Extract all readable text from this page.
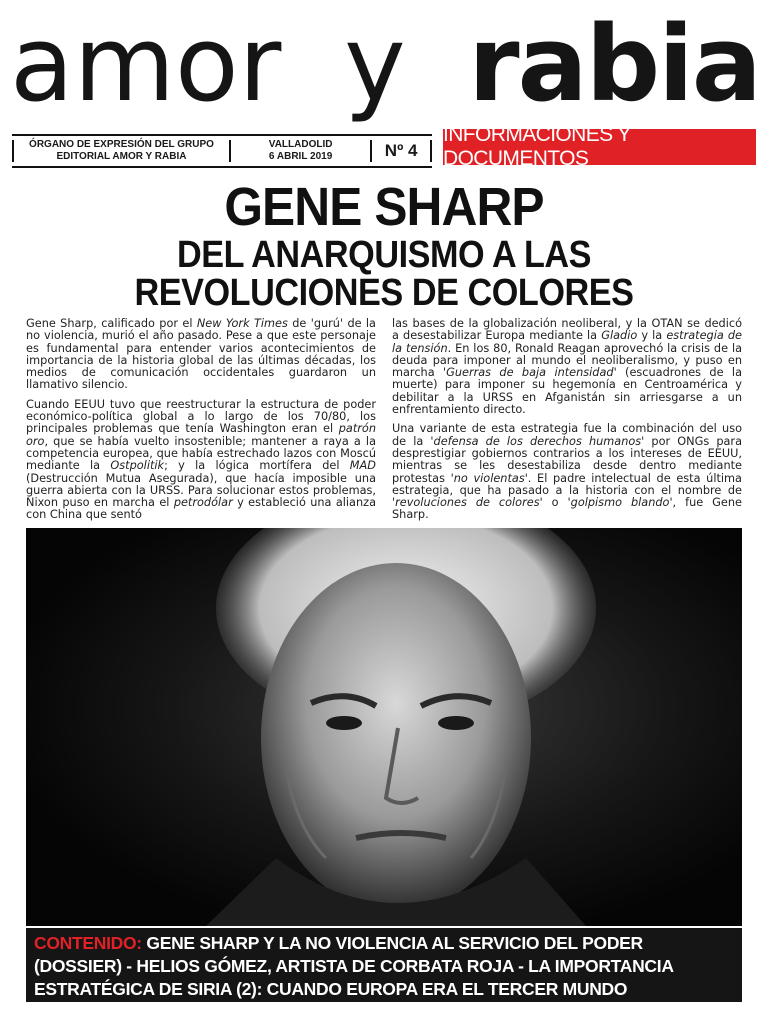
amor y rabia
ÓRGANO DE EXPRESIÓN DEL GRUPO
EDITORIAL AMOR Y RABIA
VALLADOLID
6 ABRIL 2019	Nº 4
INFORMACIONES Y DOCUMENTOS
GENE SHARP
DEL ANARQUISMO A LAS
REVOLUCIONES DE COLORES

Gene Sharp, calificado por el New York Times de 'gurú' de la no violencia, murió el año pasado. Pese a que este personaje es fundamental para entender varios acontecimientos de importancia de la historia global de las últimas décadas, los medios de comunicación occidentales guardaron un llamativo silencio.

Cuando EEUU tuvo que reestructurar la estructura de poder económico-política global a lo largo de los 70/80, los principales problemas que tenía Washington eran el patrón oro, que se había vuelto insostenible; mantener a raya a la competencia europea, que había estrechado lazos con Moscú mediante la Ostpolitik; y la lógica mortífera del MAD (Destrucción Mutua Asegurada), que hacía imposible una guerra abierta con la URSS. Para solucionar estos problemas, Nixon puso en marcha el petrodólar y estableció una alianza con China que sentó

las bases de la globalización neoliberal, y la OTAN se dedicó a desestabilizar Europa mediante la Gladio y la estrategia de la tensión. En los 80, Ronald Reagan aprovechó la crisis de la deuda para imponer al mundo el neoliberalismo, y puso en marcha 'Guerras de baja intensidad' (escuadrones de la muerte) para imponer su hegemonía en Centroamérica y debilitar a la URSS en Afganistán sin arriesgarse a un enfrentamiento directo.

Una variante de esta estrategia fue la combinación del uso de la 'defensa de los derechos humanos' por ONGs para desprestigiar gobiernos contrarios a los intereses de EEUU, mientras se les desestabiliza desde dentro mediante protestas 'no violentas'. El padre intelectual de esta última estrategia, que ha pasado a la historia con el nombre de 'revoluciones de colores' o 'golpismo blando', fue Gene Sharp.

CONTENIDO: GENE SHARP Y LA NO VIOLENCIA AL SERVICIO DEL PODER (DOSSIER) - HELIOS GÓMEZ, ARTISTA DE CORBATA ROJA - LA IMPORTANCIA ESTRATÉGICA DE SIRIA (2): CUANDO EUROPA ERA EL TERCER MUNDO
